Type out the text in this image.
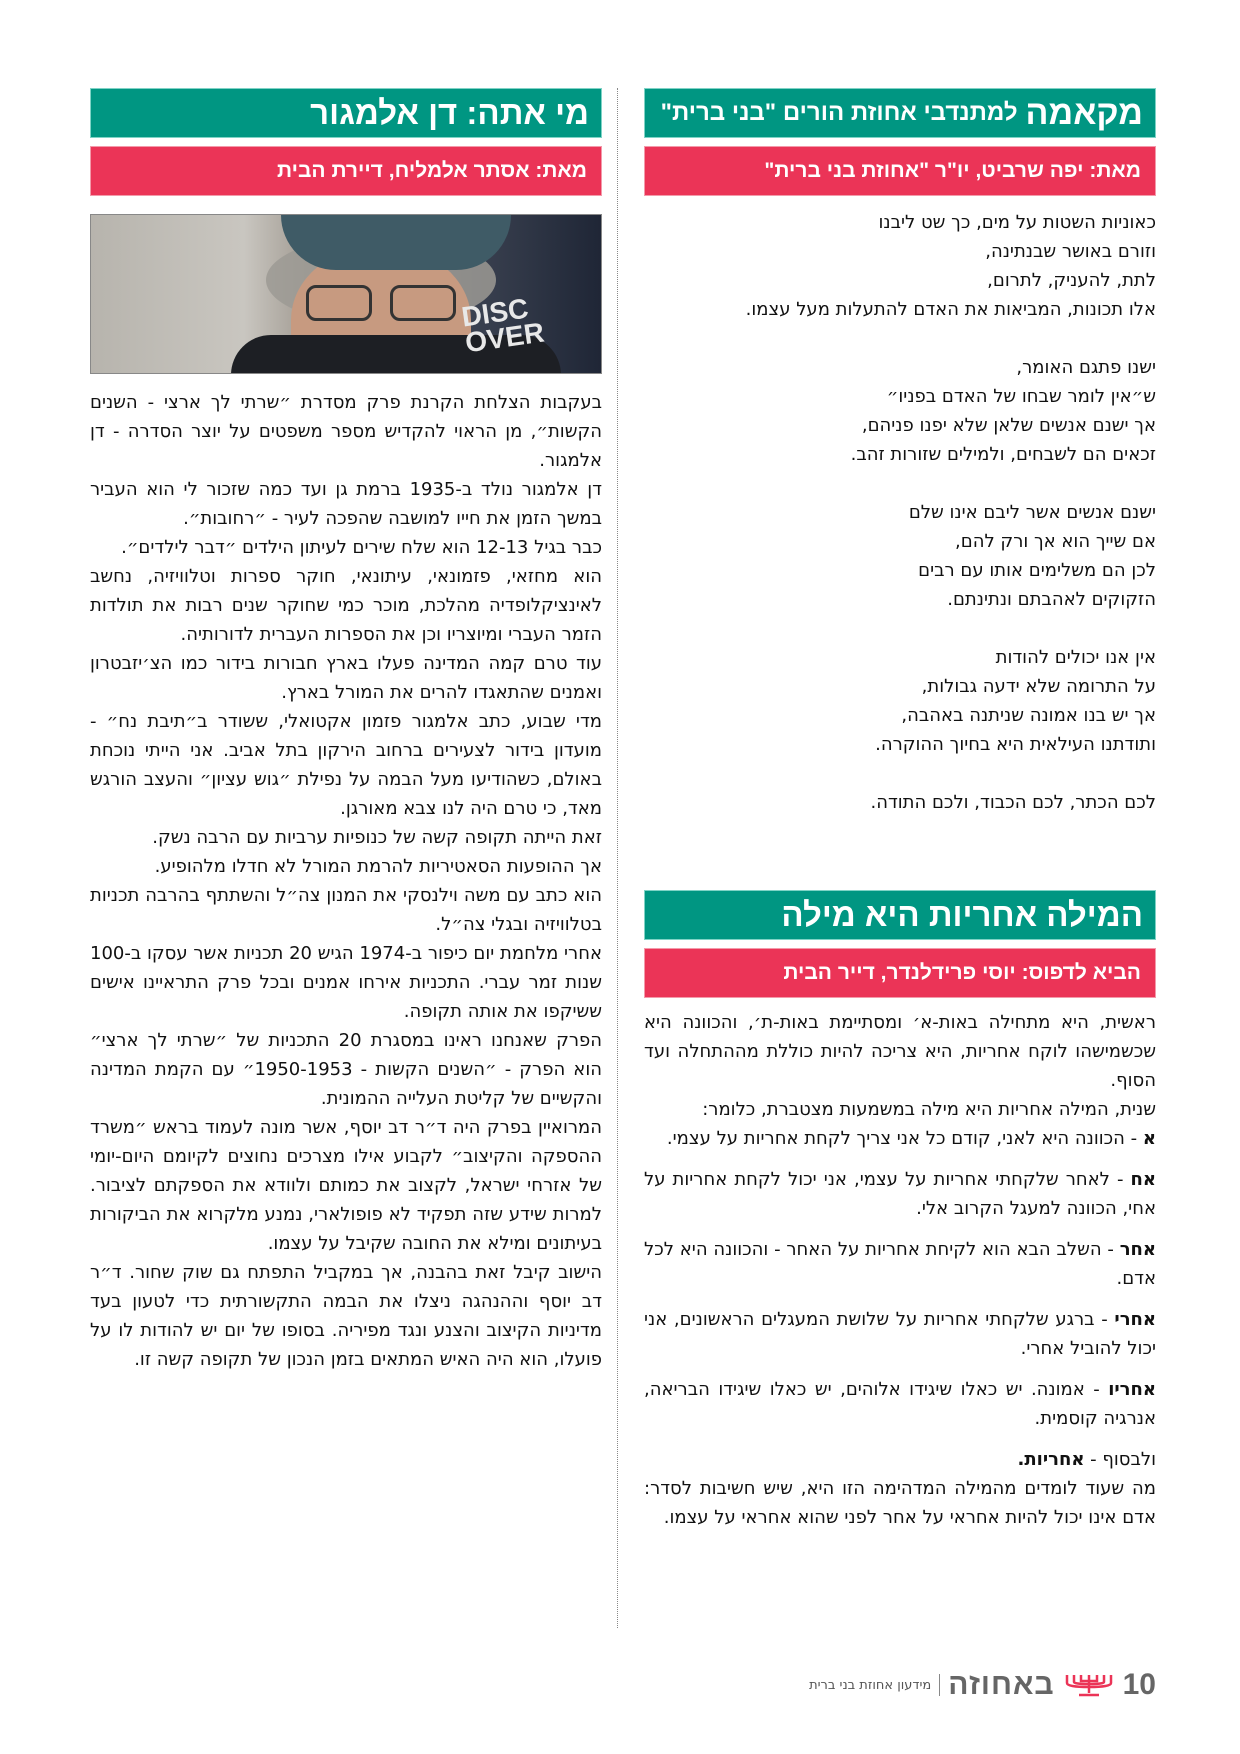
מקאמה
למתנדבי אחוזת הורים "בני ברית"
מאת: יפה שרביט, יו"ר "אחוזת בני ברית"
כאוניות השטות על מים, כך שט ליבנו
וזורם באושר שבנתינה,
לתת, להעניק, לתרום,
אלו תכונות, המביאות את האדם להתעלות מעל עצמו.
ישנו פתגם האומר,
ש״אין לומר שבחו של האדם בפניו״
אך ישנם אנשים שלאן שלא יפנו פניהם,
זכאים הם לשבחים, ולמילים שזורות זהב.
ישנם אנשים אשר ליבם אינו שלם
אם שייך הוא אך ורק להם,
לכן הם משלימים אותו עם רבים
הזקוקים לאהבתם ונתינתם.
אין אנו יכולים להודות
על התרומה שלא ידעה גבולות,
אך יש בנו אמונה שניתנה באהבה,
ותודתנו העילאית היא בחיוך ההוקרה.
לכם הכתר, לכם הכבוד, ולכם התודה.
המילה אחריות היא מילה
הביא לדפוס: יוסי פרידלנדר, דייר הבית

ראשית, היא מתחילה באות-א׳ ומסתיימת באות-ת׳, והכוונה היא שכשמישהו לוקח אחריות, היא צריכה להיות כוללת מההתחלה ועד הסוף.

שנית, המילה אחריות היא מילה במשמעות מצטברת, כלומר:

א - הכוונה היא לאני, קודם כל אני צריך לקחת אחריות על עצמי.

אח - לאחר שלקחתי אחריות על עצמי, אני יכול לקחת אחריות על אחי, הכוונה למעגל הקרוב אלי.

אחר - השלב הבא הוא לקיחת אחריות על האחר - והכוונה היא לכל אדם.

אחרי - ברגע שלקחתי אחריות על שלושת המעגלים הראשונים, אני יכול להוביל אחרי.

אחריו - אמונה. יש כאלו שיגידו אלוהים, יש כאלו שיגידו הבריאה, אנרגיה קוסמית.

ולבסוף - אחריות.

מה שעוד לומדים מהמילה המדהימה הזו היא, שיש חשיבות לסדר: אדם אינו יכול להיות אחראי על אחר לפני שהוא אחראי על עצמו.

מי אתה: דן אלמגור
מאת: אסתר אלמליח, דיירת הבית
DISC OVER

בעקבות הצלחת הקרנת פרק מסדרת ״שרתי לך ארצי - השנים הקשות״, מן הראוי להקדיש מספר משפטים על יוצר הסדרה - דן אלמגור.

דן אלמגור נולד ב-1935 ברמת גן ועד כמה שזכור לי הוא העביר במשך הזמן את חייו למושבה שהפכה לעיר - ״רחובות״.

כבר בגיל 12-13 הוא שלח שירים לעיתון הילדים ״דבר לילדים״.

הוא מחזאי, פזמונאי, עיתונאי, חוקר ספרות וטלוויזיה, נחשב לאינציקלופדיה מהלכת, מוכר כמי שחוקר שנים רבות את תולדות הזמר העברי ומיוצריו וכן את הספרות העברית לדורותיה.

עוד טרם קמה המדינה פעלו בארץ חבורות בידור כמו הצ׳יזבטרון ואמנים שהתאגדו להרים את המורל בארץ.

מדי שבוע, כתב אלמגור פזמון אקטואלי, ששודר ב״תיבת נח״ - מועדון בידור לצעירים ברחוב הירקון בתל אביב. אני הייתי נוכחת באולם, כשהודיעו מעל הבמה על נפילת ״גוש עציון״ והעצב הורגש מאד, כי טרם היה לנו צבא מאורגן.

זאת הייתה תקופה קשה של כנופיות ערביות עם הרבה נשק.

אך ההופעות הסאטיריות להרמת המורל לא חדלו מלהופיע.

הוא כתב עם משה וילנסקי את המנון צה״ל והשתתף בהרבה תכניות בטלוויזיה ובגלי צה״ל.

אחרי מלחמת יום כיפור ב-1974 הגיש 20 תכניות אשר עסקו ב-100 שנות זמר עברי. התכניות אירחו אמנים ובכל פרק התראיינו אישים ששיקפו את אותה תקופה.

הפרק שאנחנו ראינו במסגרת 20 התכניות של ״שרתי לך ארצי״ הוא הפרק - ״השנים הקשות - 1950-1953״ עם הקמת המדינה והקשיים של קליטת העלייה ההמונית.

המרואיין בפרק היה ד״ר דב יוסף, אשר מונה לעמוד בראש ״משרד ההספקה והקיצוב״ לקבוע אילו מצרכים נחוצים לקיומם היום-יומי של אזרחי ישראל, לקצוב את כמותם ולוודא את הספקתם לציבור. למרות שידע שזה תפקיד לא פופולארי, נמנע מלקרוא את הביקורות בעיתונים ומילא את החובה שקיבל על עצמו.

הישוב קיבל זאת בהבנה, אך במקביל התפתח גם שוק שחור. ד״ר דב יוסף וההנהגה ניצלו את הבמה התקשורתית כדי לטעון בעד מדיניות הקיצוב והצנע ונגד מפיריה. בסופו של יום יש להודות לו על פועלו, הוא היה האיש המתאים בזמן הנכון של תקופה קשה זו.

10
באחוזה
מידעון אחוזת בני ברית
